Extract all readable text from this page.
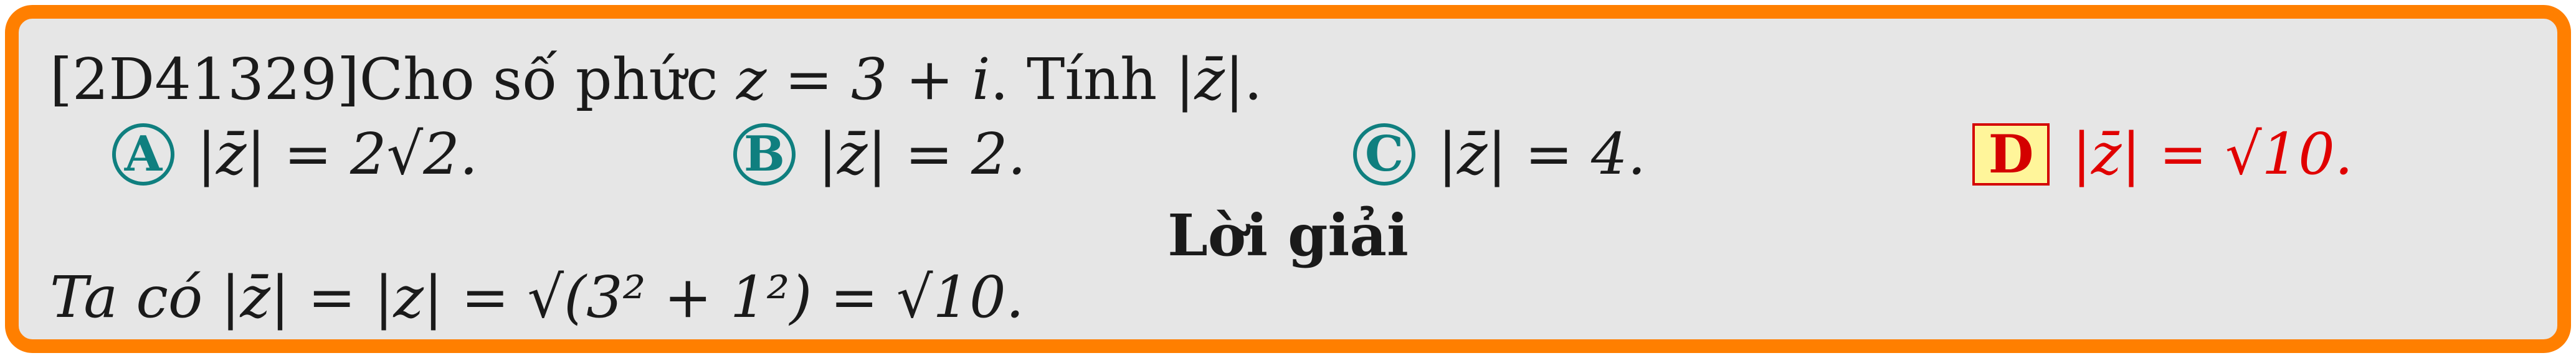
[2D41329]Cho số phức z = 3 + i. Tính |z̄|.
A |z̄| = 2√2.	B |z̄| = 2.	C |z̄| = 4.	D |z̄| = √10.
Lời giải
Ta có |z̄| = |z| = √(3² + 1²) = √10.
